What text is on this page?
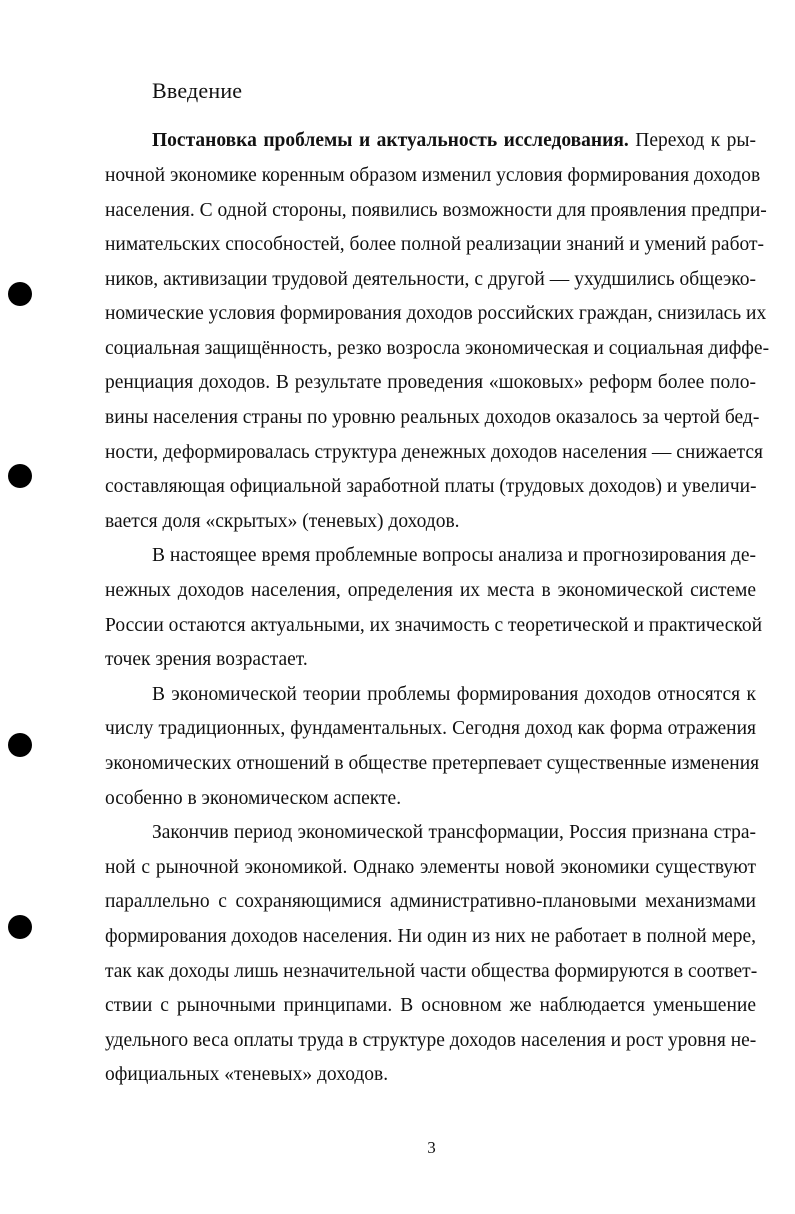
Введение

Постановка проблемы и актуальность исследования. Переход к ры-

ночной экономике коренным образом изменил условия формирования доходов

населения. С одной стороны, появились возможности для проявления предпри-

нимательских способностей, более полной реализации знаний и умений работ-

ников, активизации трудовой деятельности, с другой — ухудшились общеэко-

номические условия формирования доходов российских граждан, снизилась их

социальная защищённость, резко возросла экономическая и социальная диффе-

ренциация доходов. В результате проведения «шоковых» реформ более поло-

вины населения страны по уровню реальных доходов оказалось за чертой бед-

ности, деформировалась структура денежных доходов населения — снижается

составляющая официальной заработной платы (трудовых доходов) и увеличи-

вается доля «скрытых» (теневых) доходов.

В настоящее время проблемные вопросы анализа и прогнозирования де-

нежных доходов населения, определения их места в экономической системе

России остаются актуальными, их значимость с теоретической и практической

точек зрения возрастает.

В экономической теории проблемы формирования доходов относятся к

числу традиционных, фундаментальных. Сегодня доход как форма отражения

экономических отношений в обществе претерпевает существенные изменения

особенно в экономическом аспекте.

Закончив период экономической трансформации, Россия признана стра-

ной с рыночной экономикой. Однако элементы новой экономики существуют

параллельно с сохраняющимися административно-плановыми механизмами

формирования доходов населения. Ни один из них не работает в полной мере,

так как доходы лишь незначительной части общества формируются в соответ-

ствии с рыночными принципами. В основном же наблюдается уменьшение

удельного веса оплаты труда в структуре доходов населения и рост уровня не-

официальных «теневых» доходов.

3
